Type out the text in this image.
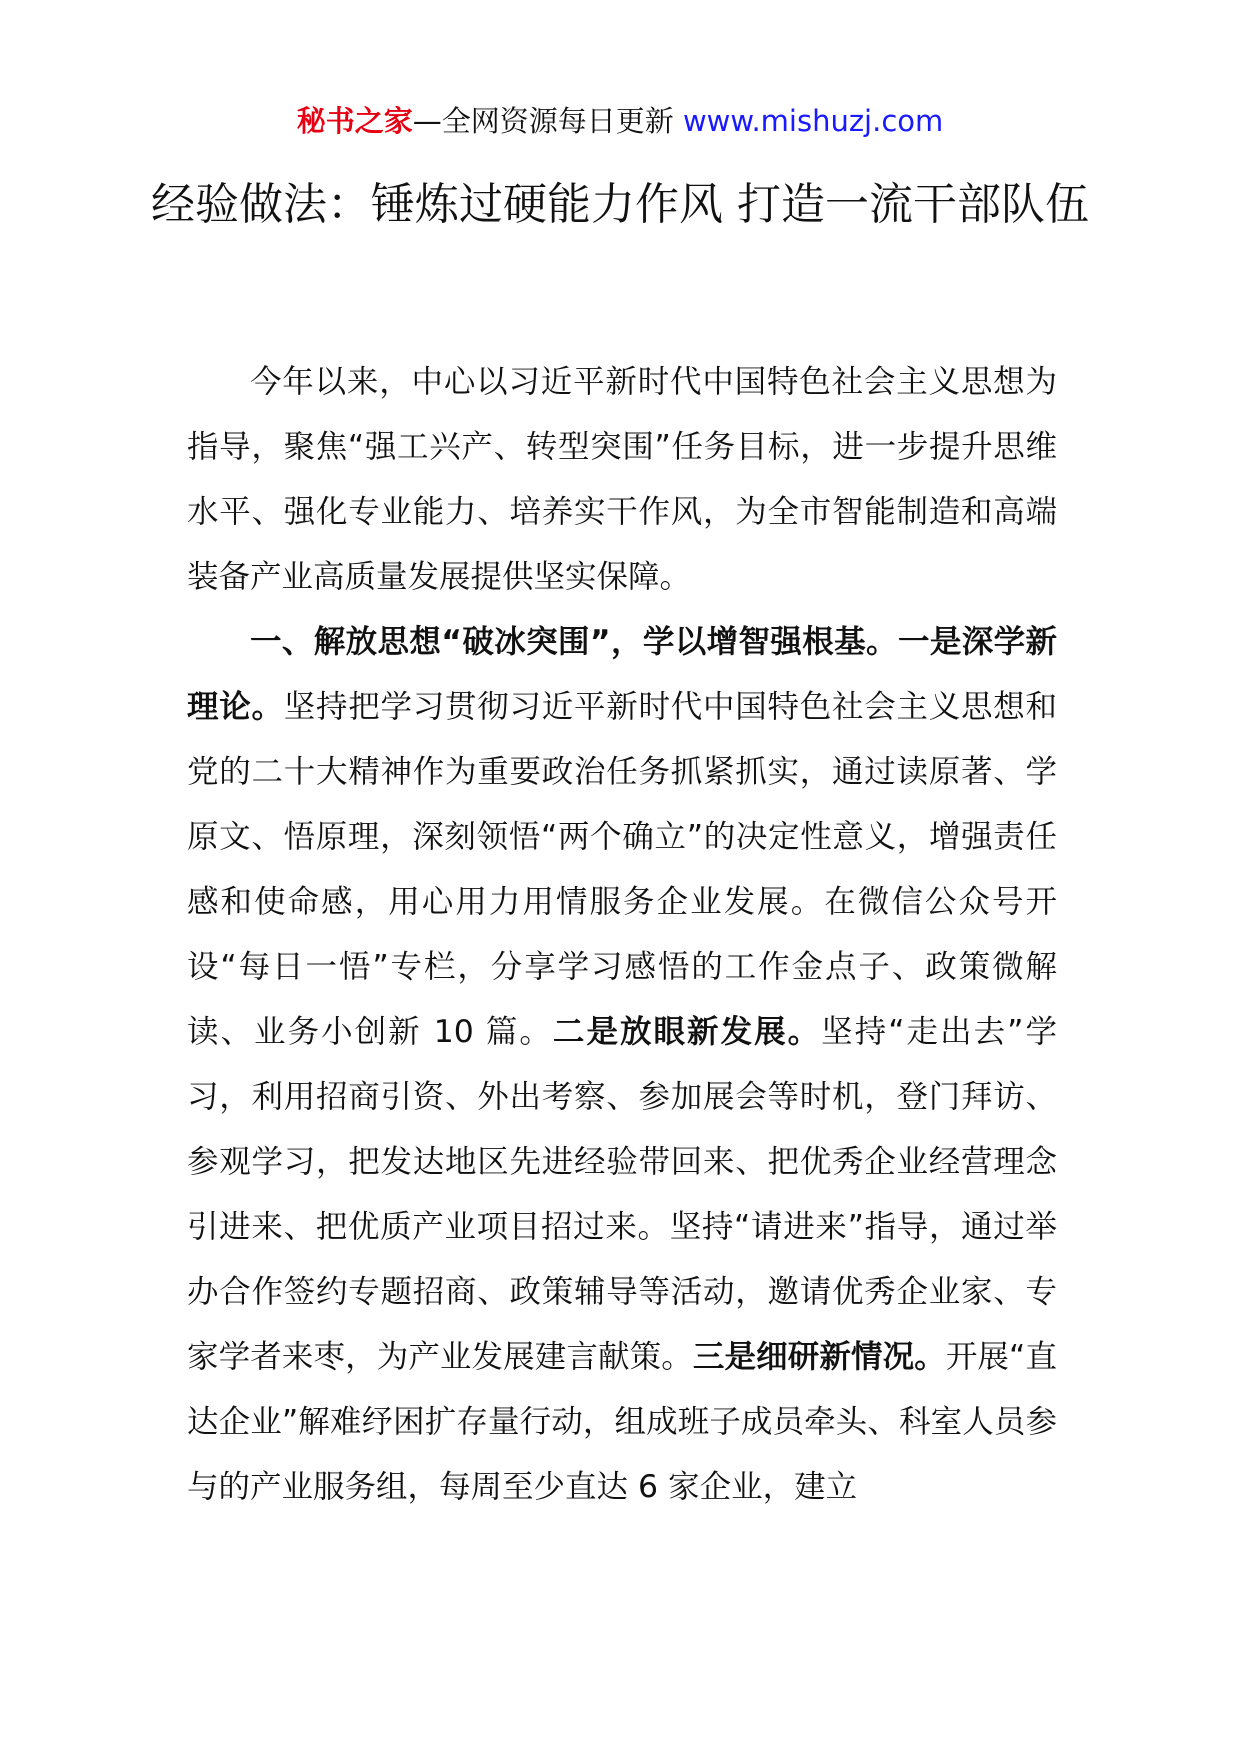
秘书之家—全网资源每日更新 www.mishuzj.com
经验做法：锤炼过硬能力作风 打造一流干部队伍

今年以来，中心以习近平新时代中国特色社会主义思想为指导，聚焦“强工兴产、转型突围”任务目标，进一步提升思维水平、强化专业能力、培养实干作风，为全市智能制造和高端装备产业高质量发展提供坚实保障。

一、解放思想“破冰突围”，学以增智强根基。一是深学新理论。坚持把学习贯彻习近平新时代中国特色社会主义思想和党的二十大精神作为重要政治任务抓紧抓实，通过读原著、学原文、悟原理，深刻领悟“两个确立”的决定性意义，增强责任感和使命感，用心用力用情服务企业发展。在微信公众号开设“每日一悟”专栏，分享学习感悟的工作金点子、政策微解读、业务小创新 10 篇。二是放眼新发展。坚持“走出去”学习，利用招商引资、外出考察、参加展会等时机，登门拜访、参观学习，把发达地区先进经验带回来、把优秀企业经营理念引进来、把优质产业项目招过来。坚持“请进来”指导，通过举办合作签约专题招商、政策辅导等活动，邀请优秀企业家、专家学者来枣，为产业发展建言献策。三是细研新情况。开展“直达企业”解难纾困扩存量行动，组成班子成员牵头、科室人员参与的产业服务组，每周至少直达 6 家企业，建立
